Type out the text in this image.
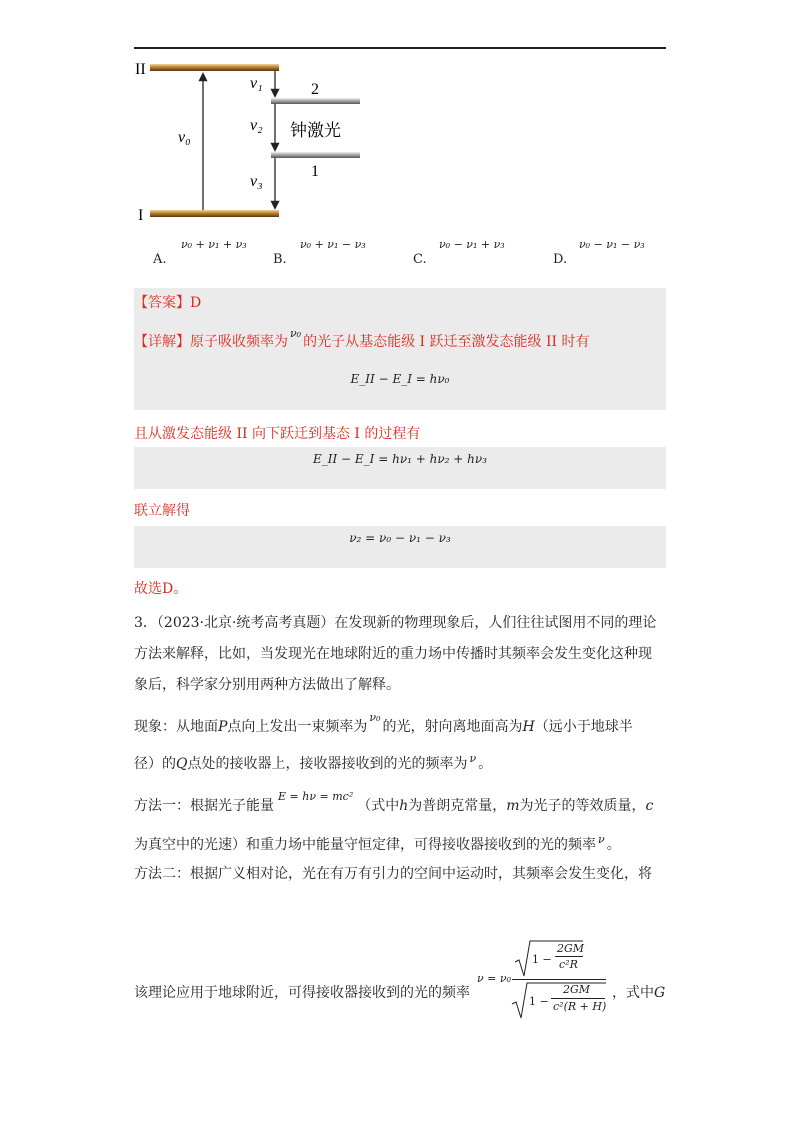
II
I
2
1
ν₀
ν₁
ν₂
ν₃
钟激光
A.
ν₀ + ν₁ + ν₃
B.
ν₀ + ν₁ − ν₃
C.
ν₀ − ν₁ + ν₃
D.
ν₀ − ν₁ − ν₃
【答案】D
【详解】原子吸收频率为$^{\nu_0}$的光子从基态能级 I 跃迁至激发态能级 II 时有
E_II − E_I = hν₀
且从激发态能级 II 向下跃迁到基态 I 的过程有
E_II − E_I = hν₁ + hν₂ + hν₃
联立解得
ν₂ = ν₀ − ν₁ − ν₃
故选D。
3．（2023·北京·统考高考真题）在发现新的物理现象后，人们往往试图用不同的理论
方法来解释，比如，当发现光在地球附近的重力场中传播时其频率会发生变化这种现
象后，科学家分别用两种方法做出了解释。
现象：从地面P点向上发出一束频率为$^{\nu_0}$的光，射向离地面高为H（远小于地球半
径）的Q点处的接收器上，接收器接收到的光的频率为 $^\nu$ 。
方法一：根据光子能量$^{E = h\nu = mc^2}$（式中h为普朗克常量，m为光子的等效质量，c
为真空中的光速）和重力场中能量守恒定律，可得接收器接收到的光的频率 $^\nu$ 。
方法二：根据广义相对论，光在有万有引力的空间中运动时，其频率会发生变化，将
该理论应用于地球附近，可得接收器接收到的光的频率
ν = ν₀
1 −
2GM
c²R
1 −
2GM
c²(R + H)
，式中G
